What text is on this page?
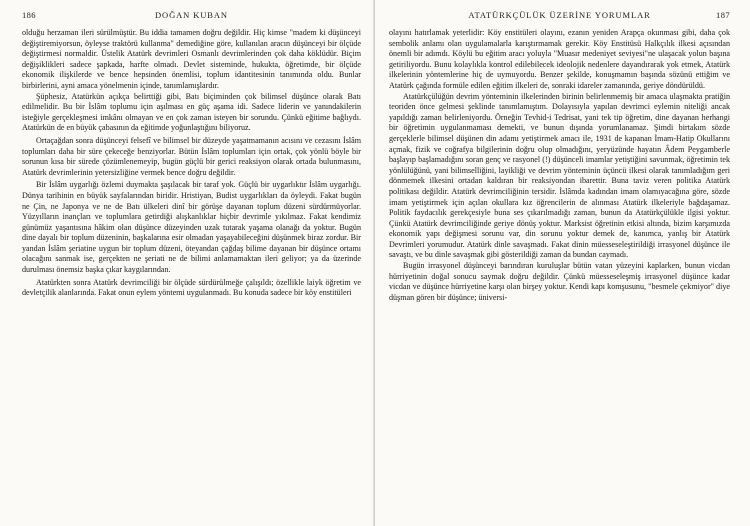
186	DOĞAN KUBAN

olduğu herzaman ileri sürülmüştür. Bu iddia tamamen doğru değildir. Hiç kimse "madem ki düşünceyi değiştiremiyorsun, öyleyse traktörü kullanma" demediğine göre, kullanılan aracın düşünceyi bir ölçüde değiştirmesi normaldir. Üstelik Atatürk devrimleri Osmanlı devrimlerinden çok daha köklüdür. Biçim değişiklikleri sadece şapkada, harfte olmadı. Devlet sisteminde, hukukta, öğretimde, bir ölçüde ekonomik ilişkilerde ve bence hepsinden önemlisi, toplum idantitesinin tanımında oldu. Bunlar birbirlerini, ayni amaca yönelmenin içinde, tanımlamışlardır.

Şüphesiz, Atatürkün açıkça belirttiği gibi, Batı biçiminden çok bilimsel düşünce olarak Batı edilmelidir. Bu bir İslâm toplumu için aşılması en güç aşama idi. Sadece liderin ve yanındakilerin isteğiyle gerçekleşmesi imkânı olmayan ve en çok zaman isteyen bir sorundu. Çünkü eğitime bağlıydı. Atatürkün de en büyük çabasının da eğitimde yoğunlaştığını biliyoruz.

Ortaçağdan sonra düşünceyi felsefî ve bilimsel bir düzeyde yaşatmamanın acısını ve cezasını İslâm toplumları daha bir süre çekeceğe benziyorlar. Bütün İslâm toplumları için ortak, çok yönlü böyle bir sorunun kısa bir sürede çözümlenemeyip, bugün güçlü bir gerici reaksiyon olarak ortada bulunmasını, Atatürk devrimlerinin yetersizliğine vermek bence doğru değildir.

Bir İslâm uygarlığı özlemi duymakta şaşılacak bir taraf yok. Güçlü bir uygarlıktır İslâm uygarlığı. Dünya tarihinin en büyük sayfalarından biridir. Hristiyan, Budist uygarlıkları da öyleydi. Fakat bugün ne Çin, ne Japonya ve ne de Batı ülkeleri dinî bir görüşe dayanan toplum düzeni sürdürmüyorlar. Yüzyılların inançları ve toplumlara getirdiği alışkanlıklar hiçbir devrimle yıkılmaz. Fakat kendimiz günümüz yaşantısına hâkim olan düşünce düzeyinden uzak tutarak yaşama olanağı da yoktur. Bugün dine dayalı bir toplum düzeninin, başkalarına esir olmadan yaşayabileceğini düşünmek biraz zordur. Bir yandan İslâm şeriatine uygun bir toplum düzeni, öteyandan çağdaş bilime dayanan bir düşünce ortamı olacağını sanmak ise, gerçekten ne şeriati ne de bilimi anlamamaktan ileri geliyor; ya da üzerinde durulması önemsiz başka çıkar kaygılarından.

Atatürkten sonra Atatürk devrimciliği bir ölçüde sürdürülmeğe çalışıldı; özellikle laiyk öğretim ve devletçilik alanlarında. Fakat onun eylem yöntemi uygulanmadı. Bu konuda sadece bir köy enstitüleri

ATATÜRKÇÜLÜK ÜZERİNE YORUMLAR	187

olayını hatırlamak yeterlidir: Köy enstitüleri olayını, ezanın yeniden Arapça okunması gibi, daha çok sembolik anlamı olan uygulamalarla karıştırmamak gerekir. Köy Enstitüsü Halkçılık ilkesi açısından önemli bir adımdı. Köylü bu eğitim aracı yoluyla "Muasır medeniyet seviyesi"ne ulaşacak yolun başına getiriliyordu. Bunu kolaylıkla kontrol edilebilecek ideolojik nedenlere dayandırarak yok etmek, Atatürk ilkelerinin yöntemlerine hiç de uymuyordu. Benzer şekilde, konuşmamın başında sözünü ettiğim ve Atatürk çağında formüle edilen eğitim ilkeleri de, sonraki idareler zamanında, geriye döndürüldü.

Atatürkçülüğün devrim yönteminin ilkelerinden birinin belirlenmemiş bir amaca ulaşmakta pratiğin teoriden önce gelmesi şeklinde tanımlamıştım. Dolayısıyla yapılan devrimci eylemin niteliği ancak yapıldığı zaman belirleniyordu. Örneğin Tevhid-i Tedrisat, yani tek tip öğretim, dine dayanan herhangi bir öğretimin uygulanmaması demekti, ve bunun dışında yorumlanamaz. Şimdi birtakım sözde gerçeklerle bilimsel düşünen din adamı yetiştirmek amacı ile, 1931 de kapanan İmam-Hatip Okullarını açmak, fizik ve coğrafya bilgilerinin doğru olup olmadığını, yeryüzünde hayatın Âdem Peygamberle başlayıp başlamadığını soran genç ve rasyonel (!) düşünceli imamlar yetiştiğini savunmak, öğretimin tek yönlülüğünü, yani bilimselliğini, layikliği ve devrim yönteminin üçüncü ilkesi olarak tanımladığım geri dönmemek ilkesini ortadan kaldıran bir reaksiyondan ibarettir. Buna taviz veren politika Atatürk politikası değildir. Atatürk devrimciliğinin tersidir. İslâmda kadından imam olamıyacağına göre, sözde imam yetiştirmek için açılan okullara kız öğrencilerin de alınması Atatürk ilkeleriyle bağdaşamaz. Politik faydacılık gerekçesiyle buna ses çıkarılmadığı zaman, bunun da Atatürkçülükle ilgisi yoktur. Çünkü Atatürk devrimciliğinde geriye dönüş yoktur. Marksist öğretinin etkisi altında, bizim karşımızda ekonomik yapı değişmesi sorunu var, din sorunu yoktur demek de, kanımca, yanlış bir Atatürk Devrimleri yorumudur. Atatürk dinle savaşmadı. Fakat dinin müesseseleştirildiği irrasyonel düşünce ile savaştı, ve bu dinle savaşmak gibi gösterildiği zaman da bundan caymadı.

Bugün irrasyonel düşünceyi barındıran kuruluşlar bütün vatan yüzeyini kaplarken, bunun vicdan hürriyetinin doğal sonucu saymak doğru değildir. Çünkü müesseseleşmiş irrasyonel düşünce kadar vicdan ve düşünce hürriyetine karşı olan birşey yoktur. Kendi kapı komşusunu, "besmele çekmiyor" diye düşman gören bir düşünce; üniversi-
